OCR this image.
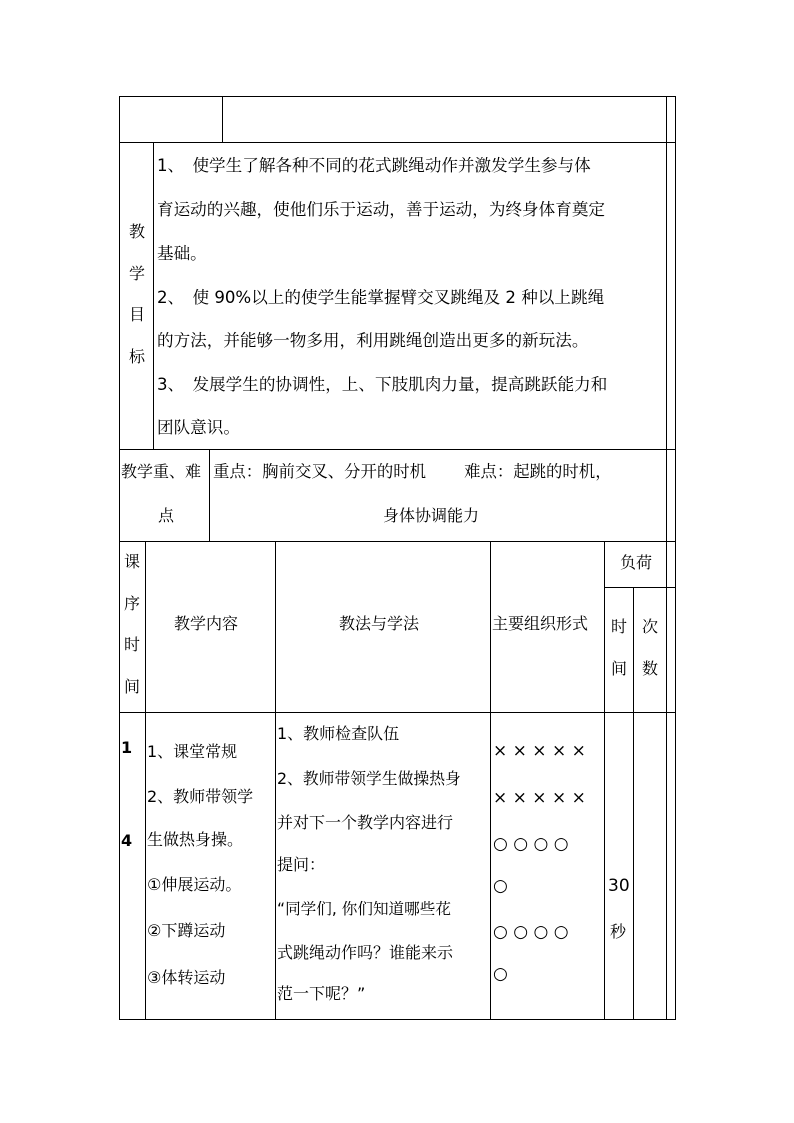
教
学
目
标
1、　使学生了解各种不同的花式跳绳动作并激发学生参与体
育运动的兴趣，使他们乐于运动，善于运动，为终身体育奠定
基础。
2、　使 90%以上的使学生能掌握臂交叉跳绳及 2 种以上跳绳
的方法，并能够一物多用，利用跳绳创造出更多的新玩法。
3、　发展学生的协调性，上、下肢肌肉力量，提高跳跃能力和
团队意识。
教学重、难
点
重点：胸前交叉、分开的时机　　 难点：起跳的时机，
身体协调能力
课
序
时
间
教学内容	教法与学法	主要组织形式
负荷
时
间
次
数
1
4
1、课堂常规
2、教师带领学
生做热身操。
①伸展运动。
②下蹲运动
③体转运动
1、教师检查队伍
2、教师带领学生做操热身
并对下一个教学内容进行
提问：
“同学们, 你们知道哪些花
式跳绳动作吗？谁能来示
范一下呢？”
× × × × ×
× × × × ×
○ ○ ○ ○
○
○ ○ ○ ○
○
30
秒
